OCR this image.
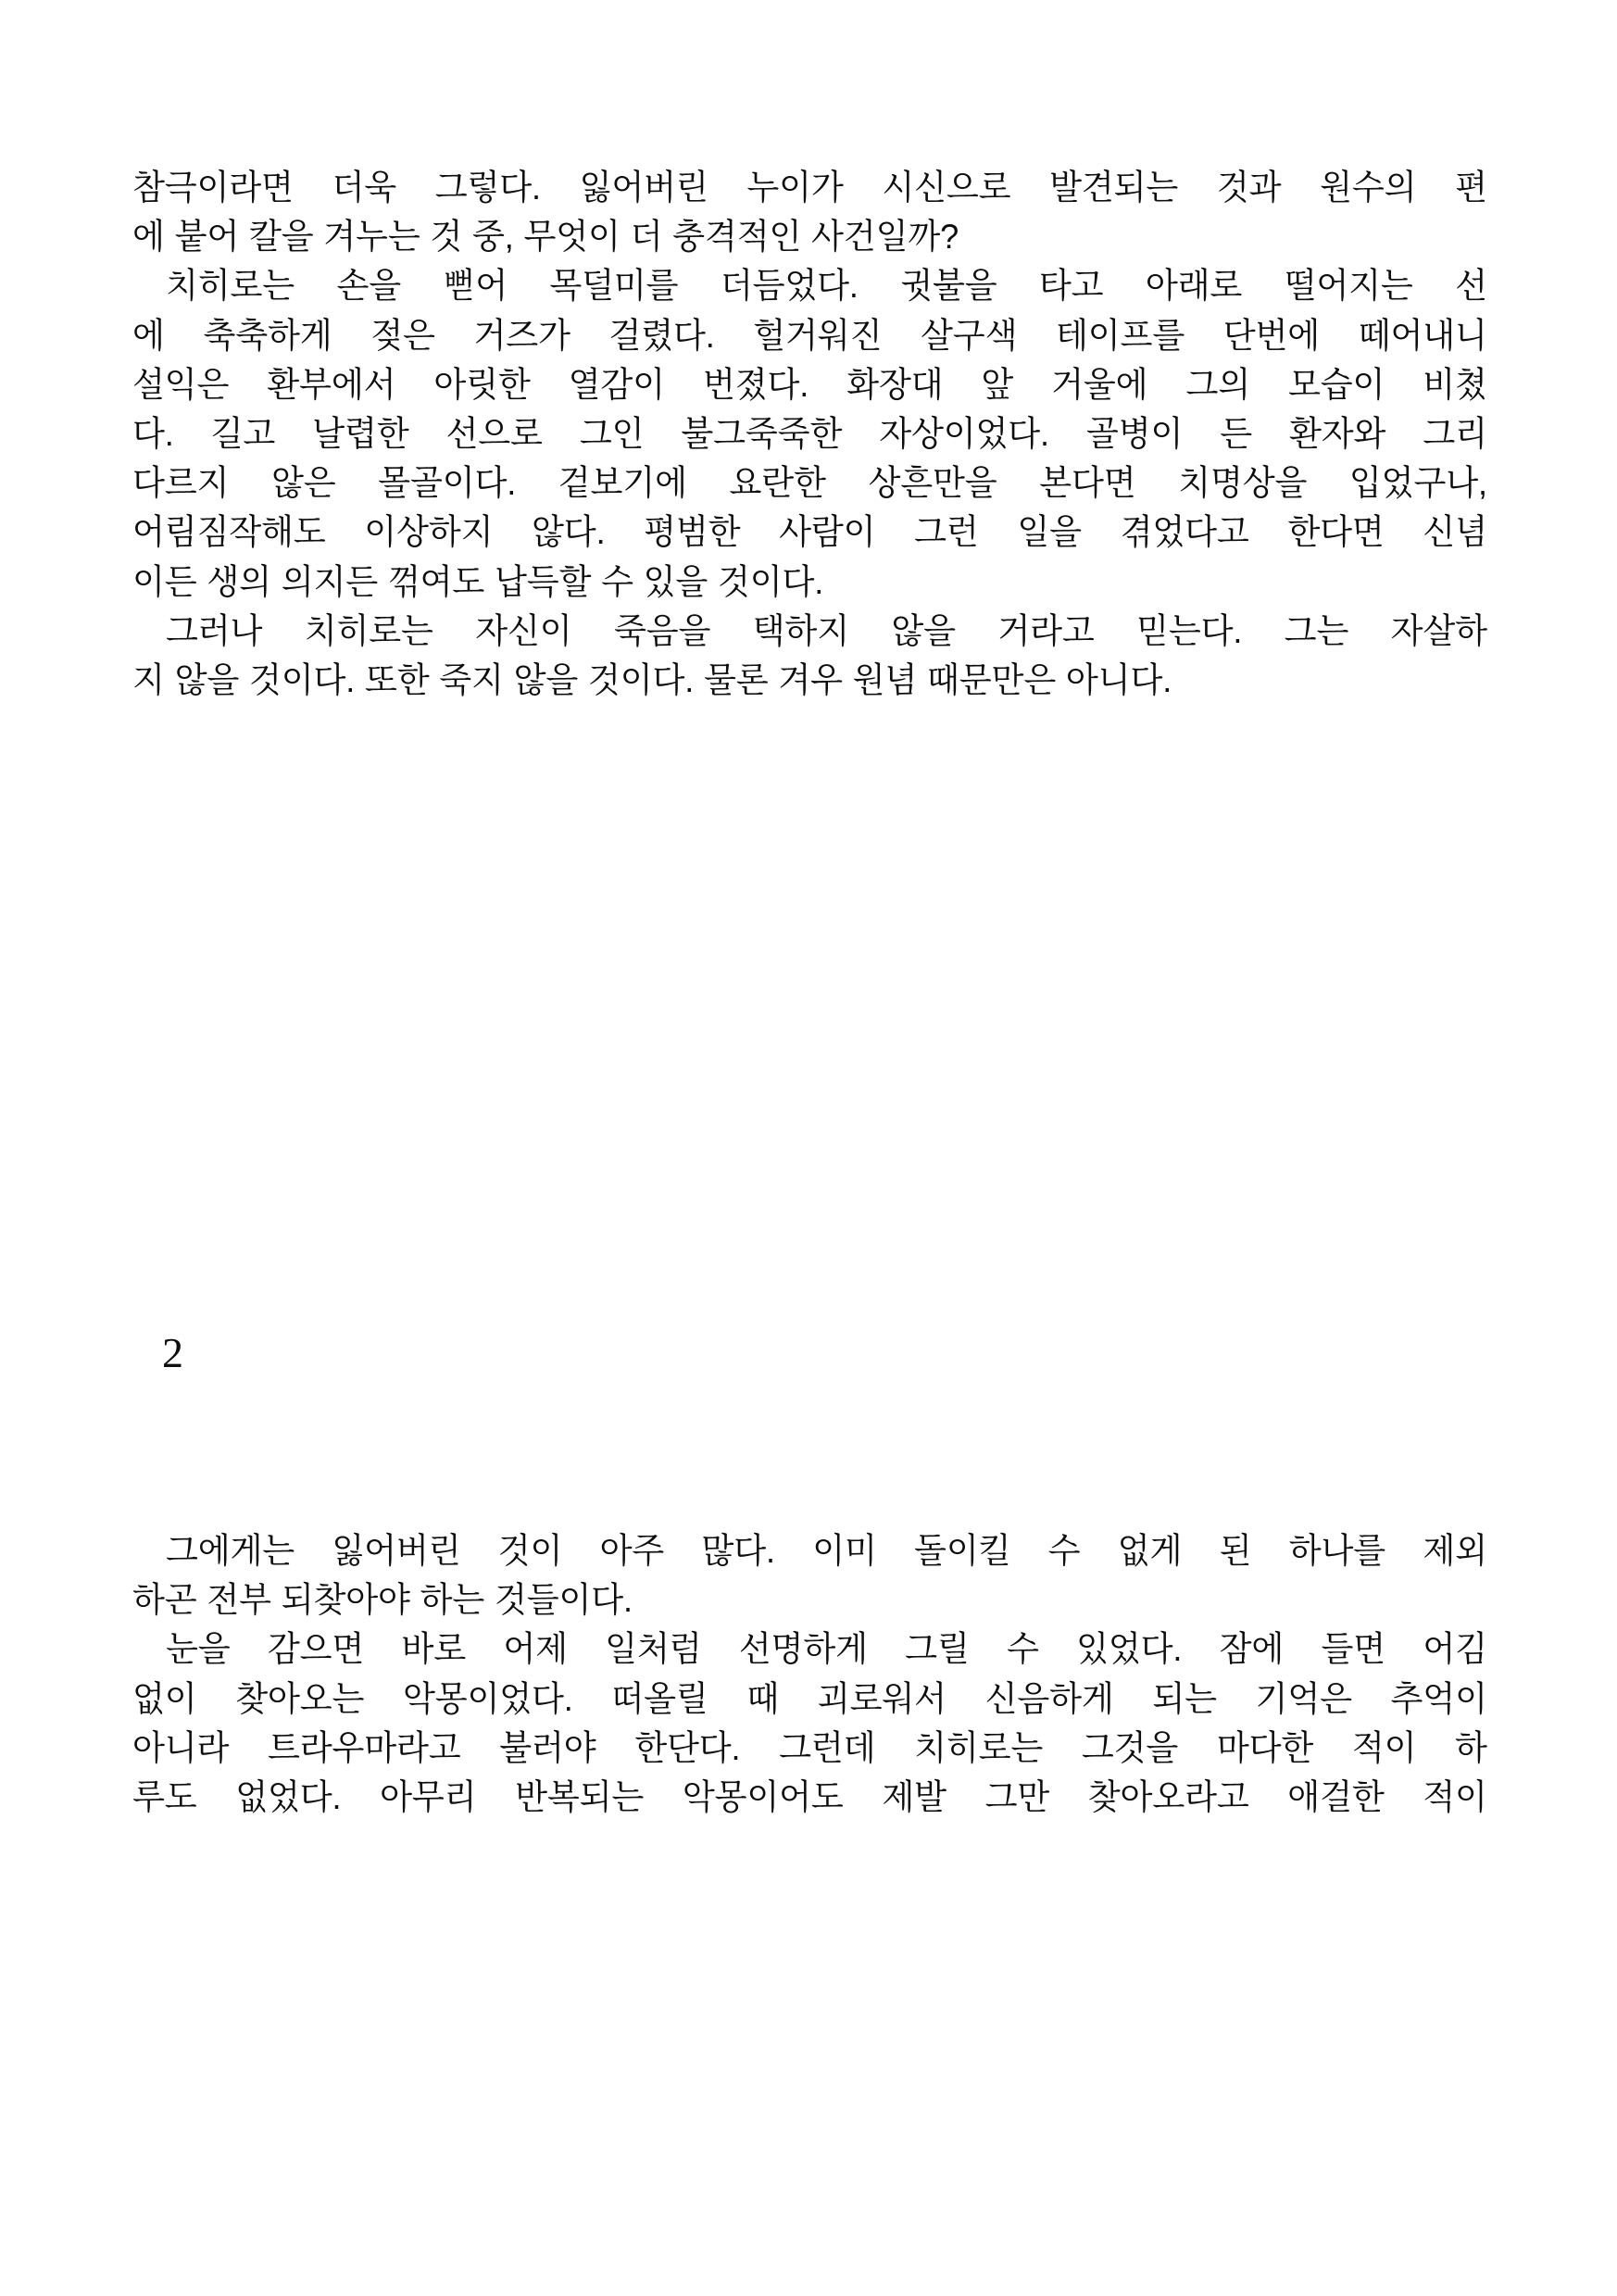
참극이라면 더욱 그렇다. 잃어버린 누이가 시신으로 발견되는 것과 원수의 편
에 붙어 칼을 겨누는 것 중, 무엇이 더 충격적인 사건일까?

 치히로는 손을 뻗어 목덜미를 더듬었다. 귓불을 타고 아래로 떨어지는 선
에 축축하게 젖은 거즈가 걸렸다. 헐거워진 살구색 테이프를 단번에 떼어내니
설익은 환부에서 아릿한 열감이 번졌다. 화장대 앞 거울에 그의 모습이 비쳤
다. 길고 날렵한 선으로 그인 불그죽죽한 자상이었다. 골병이 든 환자와 그리
다르지 않은 몰골이다. 겉보기에 요란한 상흔만을 본다면 치명상을 입었구나,
어림짐작해도 이상하지 않다. 평범한 사람이 그런 일을 겪었다고 한다면 신념
이든 생의 의지든 꺾여도 납득할 수 있을 것이다.

 그러나 치히로는 자신이 죽음을 택하지 않을 거라고 믿는다. 그는 자살하
지 않을 것이다. 또한 죽지 않을 것이다. 물론 겨우 원념 때문만은 아니다.

2

 그에게는 잃어버린 것이 아주 많다. 이미 돌이킬 수 없게 된 하나를 제외
하곤 전부 되찾아야 하는 것들이다.

 눈을 감으면 바로 어제 일처럼 선명하게 그릴 수 있었다. 잠에 들면 어김
없이 찾아오는 악몽이었다. 떠올릴 때 괴로워서 신음하게 되는 기억은 추억이
아니라 트라우마라고 불러야 한단다. 그런데 치히로는 그것을 마다한 적이 하
루도 없었다. 아무리 반복되는 악몽이어도 제발 그만 찾아오라고 애걸한 적이
